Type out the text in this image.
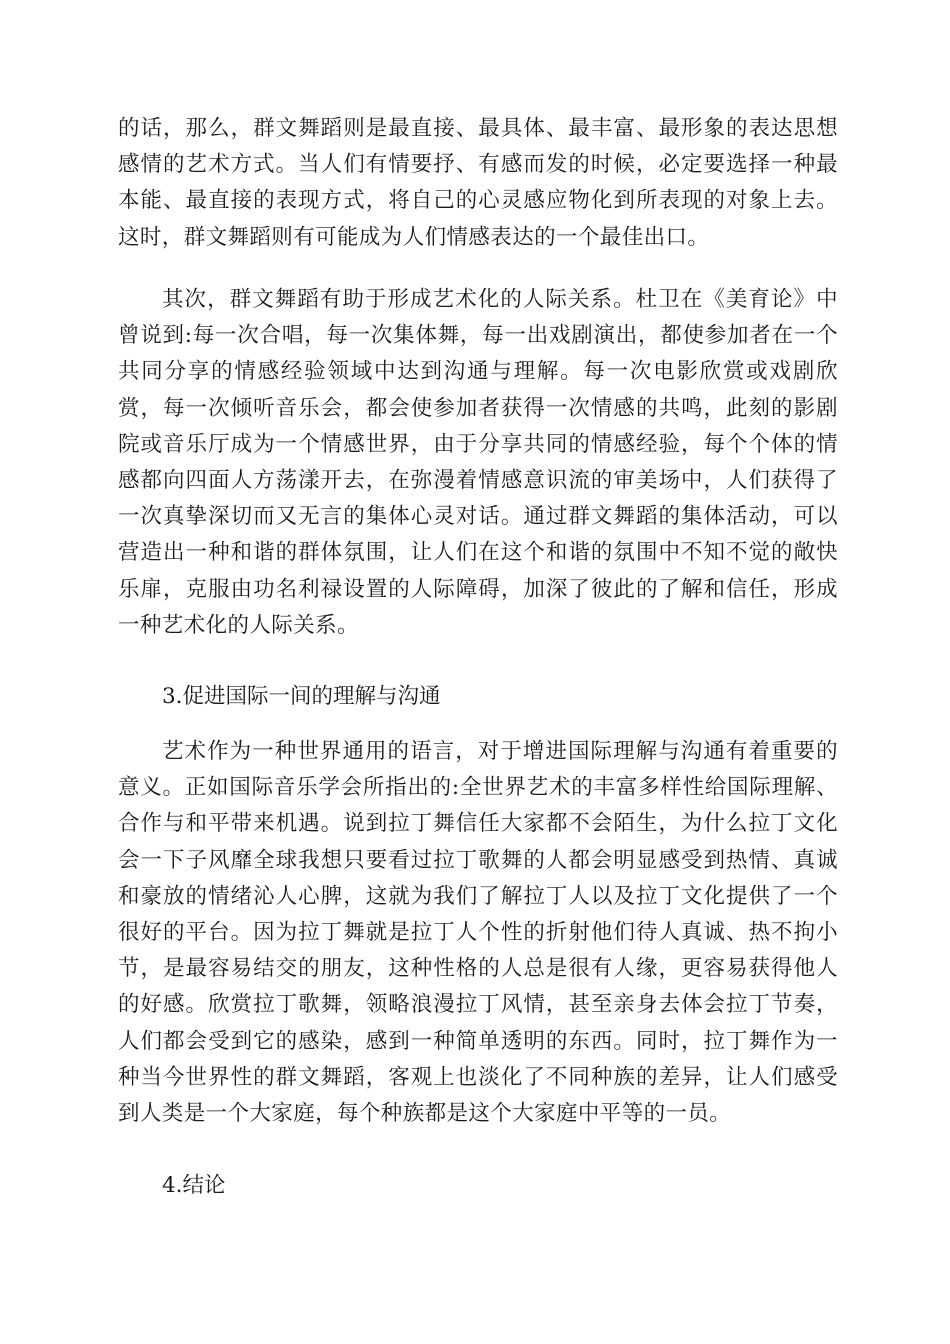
的话，那么，群文舞蹈则是最直接、最具体、最丰富、最形象的表达思想感情的艺术方式。当人们有情要抒、有感而发的时候，必定要选择一种最本能、最直接的表现方式，将自己的心灵感应物化到所表现的对象上去。这时，群文舞蹈则有可能成为人们情感表达的一个最佳出口。

其次，群文舞蹈有助于形成艺术化的人际关系。杜卫在《美育论》中曾说到:每一次合唱，每一次集体舞，每一出戏剧演出，都使参加者在一个共同分享的情感经验领域中达到沟通与理解。每一次电影欣赏或戏剧欣赏，每一次倾听音乐会，都会使参加者获得一次情感的共鸣，此刻的影剧院或音乐厅成为一个情感世界，由于分享共同的情感经验，每个个体的情感都向四面人方荡漾开去，在弥漫着情感意识流的审美场中，人们获得了一次真挚深切而又无言的集体心灵对话。通过群文舞蹈的集体活动，可以营造出一种和谐的群体氛围，让人们在这个和谐的氛围中不知不觉的敞快乐扉，克服由功名利禄设置的人际障碍，加深了彼此的了解和信任，形成一种艺术化的人际关系。

3.促进国际一间的理解与沟通

艺术作为一种世界通用的语言，对于增进国际理解与沟通有着重要的意义。正如国际音乐学会所指出的:全世界艺术的丰富多样性给国际理解、合作与和平带来机遇。说到拉丁舞信任大家都不会陌生，为什么拉丁文化会一下子风靡全球我想只要看过拉丁歌舞的人都会明显感受到热情、真诚和豪放的情绪沁人心脾，这就为我们了解拉丁人以及拉丁文化提供了一个很好的平台。因为拉丁舞就是拉丁人个性的折射他们待人真诚、热不拘小节，是最容易结交的朋友，这种性格的人总是很有人缘，更容易获得他人的好感。欣赏拉丁歌舞，领略浪漫拉丁风情，甚至亲身去体会拉丁节奏，人们都会受到它的感染，感到一种简单透明的东西。同时，拉丁舞作为一种当今世界性的群文舞蹈，客观上也淡化了不同种族的差异，让人们感受到人类是一个大家庭，每个种族都是这个大家庭中平等的一员。

4.结论
